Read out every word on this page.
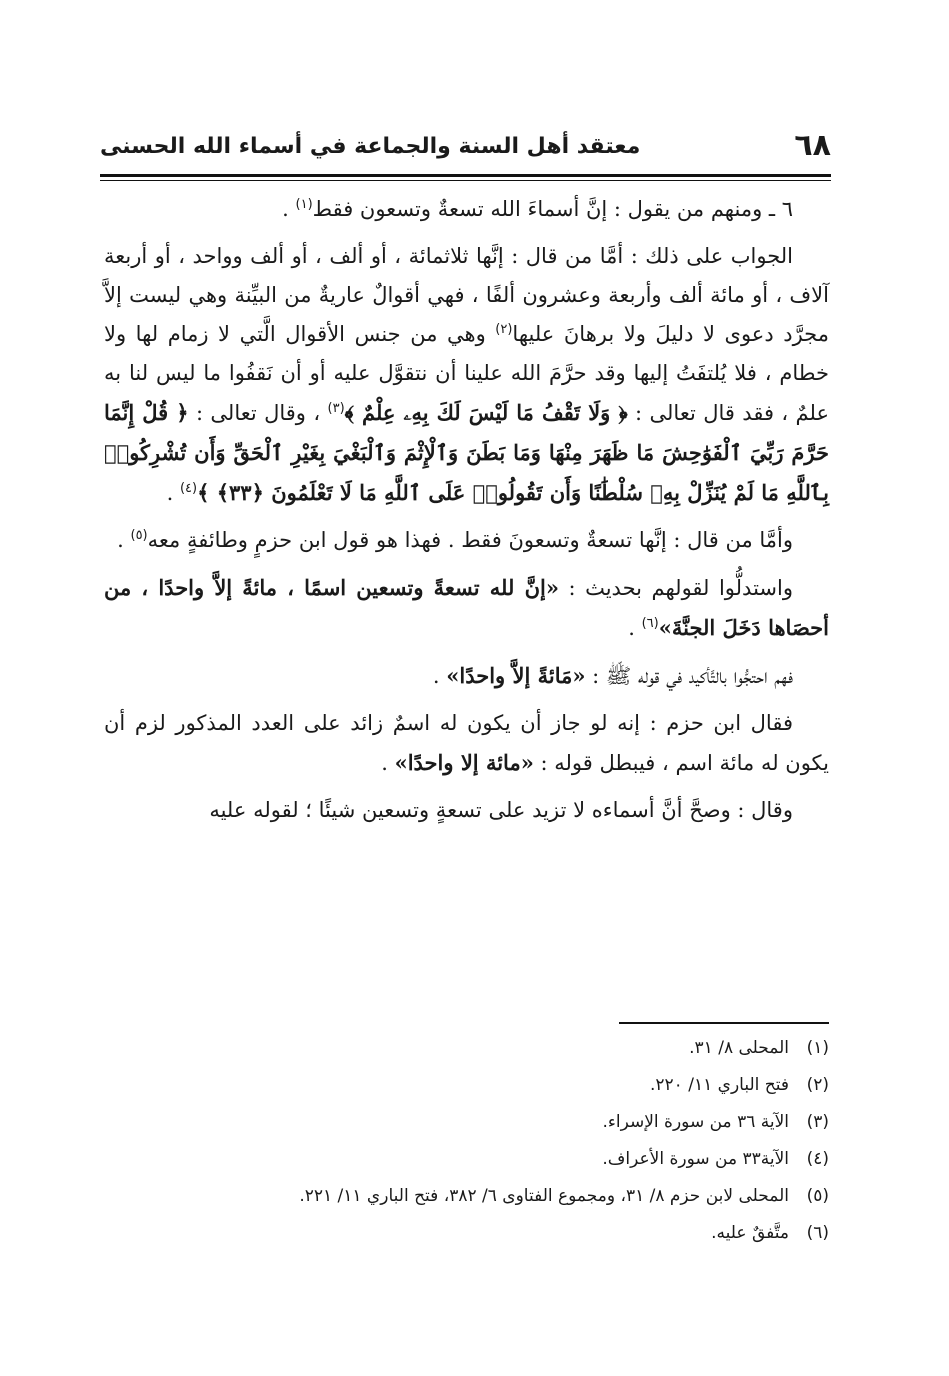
٦٨
معتقد أهل السنة والجماعة في أسماء الله الحسنى

٦ ـ ومنهم من يقول : إنَّ أسماءَ الله تسعةٌ وتسعون فقط$^{(١)}$ .

الجواب على ذلك : أمَّا من قال : إنَّها ثلاثمائة ، أو ألف ، أو ألف وواحد ، أو أربعة آلاف ، أو مائة ألف وأربعة وعشرون ألفًا ، فهي أقوالٌ عاريةٌ من البيِّنة وهي ليست إلاَّ مجرَّد دعوى لا دليلَ ولا برهانَ عليها$^{(٢)}$ وهي من جنس الأقوال الَّتي لا زمام لها ولا خطام ، فلا يُلتفَتُ إليها وقد حرَّمَ الله علينا أن نتقوَّل عليه أو أن نَقفُوا ما ليس لنا به علمٌ ، فقد قال تعالى : ﴿ وَلَا تَقْفُ مَا لَيْسَ لَكَ بِهِۦ عِلْمٌ ﴾$^{(٣)}$ ، وقال تعالى : ﴿ قُلْ إِنَّمَا حَرَّمَ رَبِّيَ ٱلْفَوَٰحِشَ مَا ظَهَرَ مِنْهَا وَمَا بَطَنَ وَٱلْإِثْمَ وَٱلْبَغْيَ بِغَيْرِ ٱلْحَقِّ وَأَن تُشْرِكُوا۟ بِٱللَّهِ مَا لَمْ يُنَزِّلْ بِهِۦ سُلْطَٰنًا وَأَن تَقُولُوا۟ عَلَى ٱللَّهِ مَا لَا تَعْلَمُونَ ﴿٣٣﴾ ﴾$^{(٤)}$ .

وأمَّا من قال : إنَّها تسعةٌ وتسعونَ فقط . فهذا هو قول ابن حزمٍ وطائفةٍ معه$^{(٥)}$ .

واستدلُّوا لقولهم بحديث : «إنَّ لله تسعةً وتسعين اسمًا ، مائةً إلاَّ واحدًا ، من أحصَاها دَخَلَ الجنَّةَ»$^{(٦)}$ .

فهم احتجُّوا بالتَّأكيد في قوله ﷺ : «مَائةً إلاَّ واحدًا» .

فقال ابن حزم : إنه لو جاز أن يكون له اسمٌ زائد على العدد المذكور لزم أن يكون له مائة اسم ، فيبطل قوله : «مائة إلا واحدًا» .

وقال : وصحَّ أنَّ أسماءه لا تزيد على تسعةٍ وتسعين شيئًا ؛ لقوله عليه

(١)
المحلى ٨/ ٣١.
(٢)
فتح الباري ١١/ ٢٢٠.
(٣)
الآية ٣٦ من سورة الإسراء.
(٤)
الآية٣٣ من سورة الأعراف.
(٥)
المحلى لابن حزم ٨/ ٣١، ومجموع الفتاوى ٦/ ٣٨٢، فتح الباري ١١/ ٢٢١.
(٦)
متَّفقٌ عليه.
